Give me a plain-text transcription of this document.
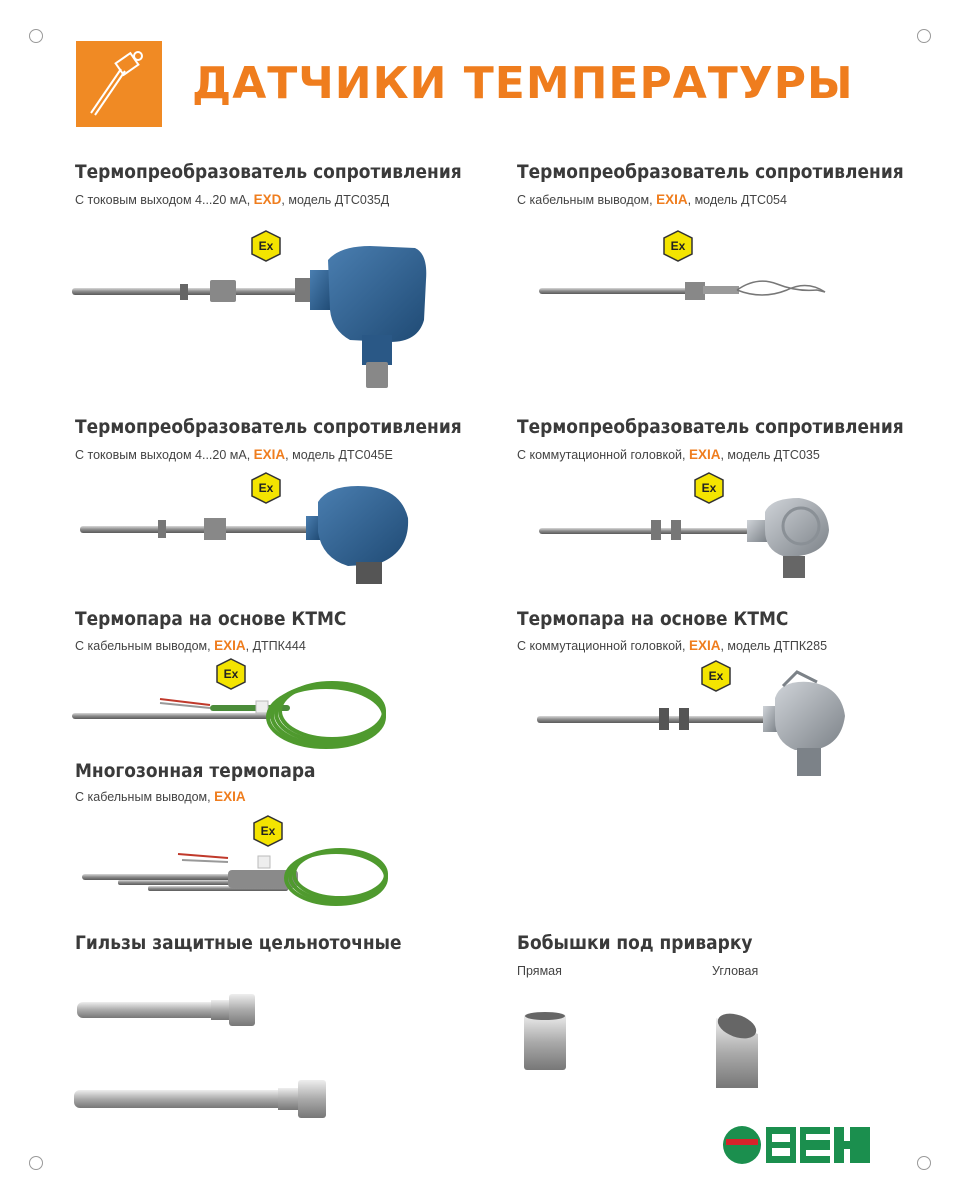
ДАТЧИКИ ТЕМПЕРАТУРЫ
Термопреобразователь сопротивления
С токовым выходом 4...20 мА, EXD, модель ДТС035Д
Ex
Термопреобразователь сопротивления
С кабельным выводом, EXIA, модель ДТС054
Ex
Термопреобразователь сопротивления
С токовым выходом 4...20 мА, EXIA, модель ДТС045Е
Ex
Термопреобразователь сопротивления
С коммутационной головкой, EXIA, модель ДТС035
Ex
Термопара на основе КТМС
С кабельным выводом, EXIA, ДТПК444
Ex
Термопара на основе КТМС
С коммутационной головкой, EXIA, модель ДТПК285
Ex
Многозонная термопара
С кабельным выводом, EXIA
Ex
Гильзы защитные цельноточные	Бобышки под приварку
Прямая	Угловая
